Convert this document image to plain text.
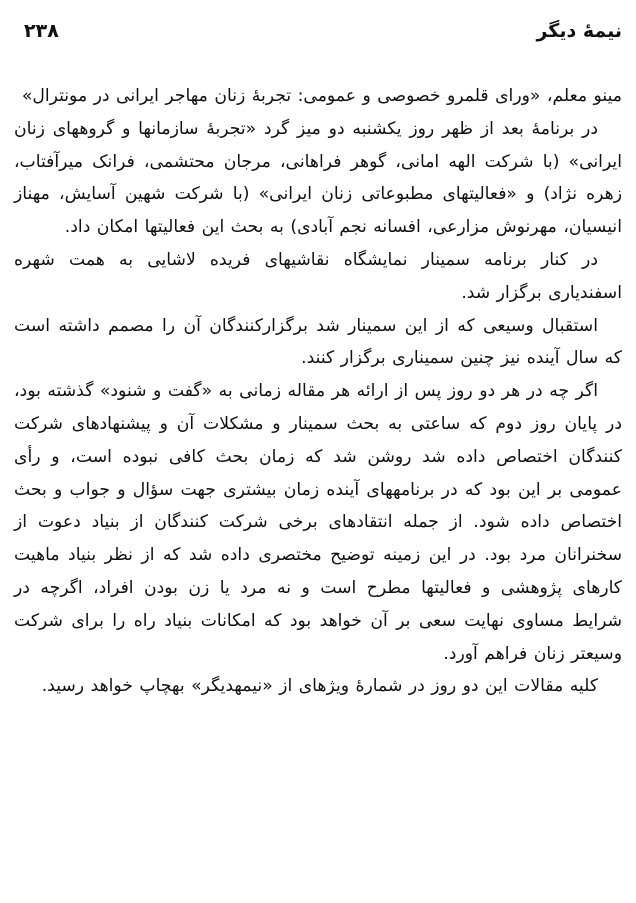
نیمهٔ دیگر
۲۳۸

مینو معلم، «ورای قلمرو خصوصی و عمومی: تجربهٔ زنان مهاجر ایرانی در مونترال»

در برنامهٔ بعد از ظهر روز یکشنبه دو میز گرد «تجربهٔ سازمانها و گروههای زنان ایرانی» (با شرکت الهه امانی، گوهر فراهانی، مرجان محتشمی، فرانک میرآفتاب، زهره نژاد) و «فعالیتهای مطبوعاتی زنان ایرانی» (با شرکت شهین آسایش، مهناز انیسیان، مهرنوش مزارعی، افسانه نجم آبادی) به بحث این فعالیتها امکان داد.

در کنار برنامه سمینار نمایشگاه نقاشیهای فریده لاشایی به همت شهره اسفندیاری برگزار شد.

استقبال وسیعی که از این سمینار شد برگزارکنندگان آن را مصمم داشته است که سال آینده نیز چنین سمیناری برگزار کنند.

اگر چه در هر دو روز پس از ارائه هر مقاله زمانی به «گفت و شنود» گذشته بود، در پایان روز دوم که ساعتی به بحث سمینار و مشکلات آن و پیشنهادهای شرکت کنندگان اختصاص داده شد روشن شد که زمان بحث کافی نبوده است، و رأی عمومی بر این بود که در برنامههای آینده زمان بیشتری جهت سؤال و جواب و بحث اختصاص داده شود. از جمله انتقادهای برخی شرکت کنندگان از بنیاد دعوت از سخنرانان مرد بود. در این زمینه توضیح مختصری داده شد که از نظر بنیاد ماهیت کارهای پژوهشی و فعالیتها مطرح است و نه مرد یا زن بودن افراد، اگرچه در شرایط مساوی نهایت سعی بر آن خواهد بود که امکانات بنیاد راه را برای شرکت وسیعتر زنان فراهم آورد.

کلیه مقالات این دو روز در شمارهٔ ویژهای از «نیمهدیگر» بهچاپ خواهد رسید.
